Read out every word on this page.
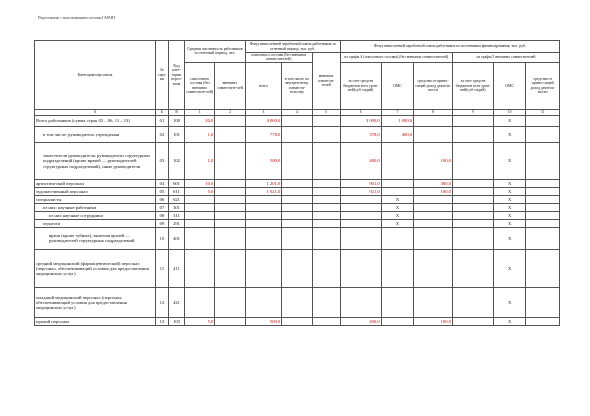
Подготовлено с использованием системы ГАРАНТ
Категория персонала	№ стро-ки	Код кате-гории персо-нала	Средняя численность работников за отчетный период, чел.		Фонд начисленной заработной платы работников за отчетный период, тыс. руб.			Фонд начисленной заработной платы работников по источникам финансирования, тыс. руб.					
								из графы 4 (списочного состава) (без внешних совместителей)			из графы 5 внешних совместителей		
					списочного состава (без внешних совместителей)		внешних совмести-телей						
			списочного состава (без внешних совместите-лей)	внешних совместите-лей	всего	в том числе по внутрен-нему совмести-тельству		за счет средств бюджетов всех уров-ней(суб-сидий)	ОМС	средства от прино-сящей доход деятель-ности	за счет средств бюджетов всех уров-ней(суб-сидий)	ОМС	средства от прино-сящей доход деятель-ности
А	Б	В	1	2	3	4	5	6	7	8	9	10	11
Всего работников (сумма строк 02 – 06, 11 – 13)	01	100	20,0		4 000,0			3 000,0	1 000,0			Х	
в том числе: руководитель учреждения	02	101	1,0		778,0			378,0	400,0			Х	
заместители руководителя, руководители структурных подразделений (кроме врачей — руководителей структурных подразделений), иные руководители	03	102	1,0		500,0			400,0		100,0		Х	
артистический персонал	04	601	10,0		1 201,0			901,0		300,0		Х	
художественный персонал	05	611	5,0		1 021,0			921,0		100,0		Х	
специалисты	06	621							Х			Х	
из них: научные работники	07	301							Х			Х	
из них научные сотрудники	08	311							Х			Х	
педагоги	09	291							Х			Х	
врачи (кроме зубных), включая врачей — руководителей структурных подразделений	10	401										Х	
средний медицинский (фармацевтический) персонал (персонал, обеспечивающий условия для предоставления медицинских услуг)	11	411										Х	
младший медицинский персонал (персонал, обеспечивающий условия для предоставления медицинских услуг)	12	421										Х	
прочий персонал	13	103	5,0		500,0			400,0		100,0		Х	
